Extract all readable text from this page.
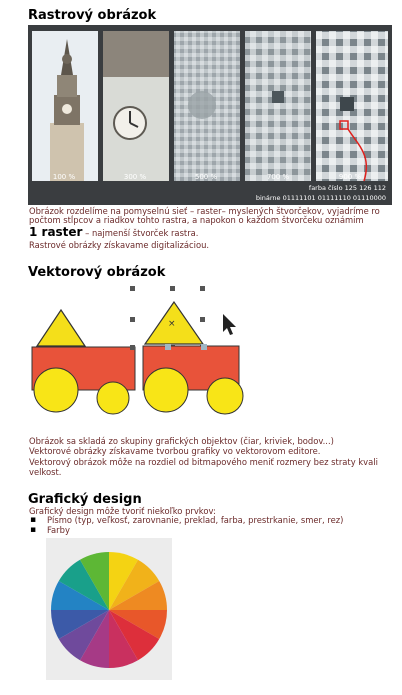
Rastrový obrázok
100 %	300 %	500 %	700 %	900 %
farba číslo 125 126 112
binárne 01111101 01111110 01110000
Obrázok rozdelíme na pomyselnú sieť – raster– myslených štvorčekov, vyjadríme ro
počtom stĺpcov a riadkov tohto rastra, a napokon o každom štvorčeku oznámim
1 raster – najmenší štvorček rastra.
Rastrové obrázky získavame digitalizáciou.
Vektorový obrázok
×
Obrázok sa skladá zo skupiny grafických objektov (čiar, kriviek, bodov...)
Vektorové obrázky získavame tvorbou grafiky vo vektorovom editore.
Vektorový obrázok môže na rozdiel od bitmapového meniť rozmery bez straty kvali
velkost.
Grafický design
Grafický design môže tvoriť niekoľko prvkov:
▪ Písmo (typ, veľkosť, zarovnanie, preklad, farba, prestrkanie, smer, rez)
▪ Farby
